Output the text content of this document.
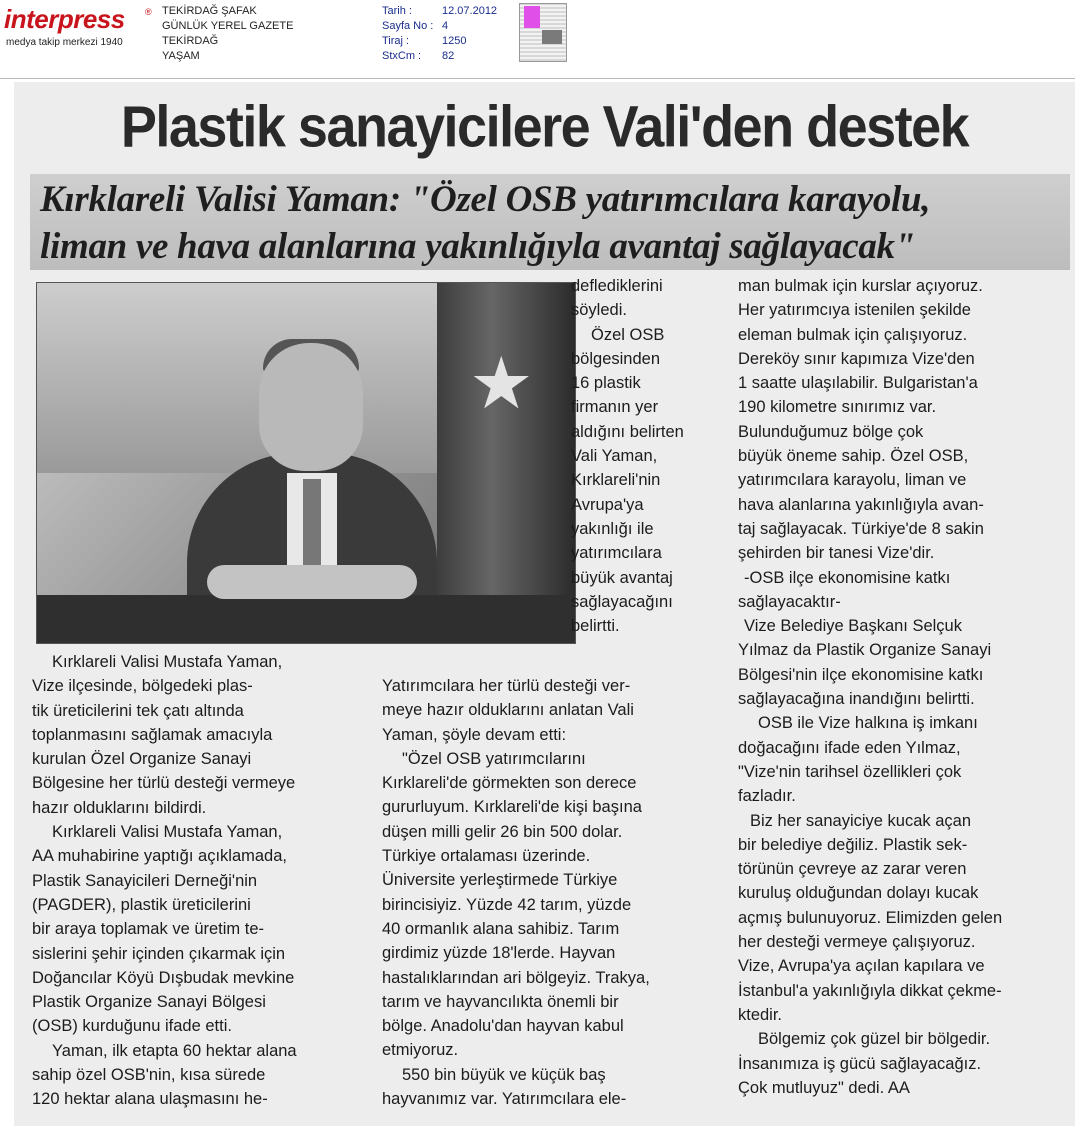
interpress ®
medya takip merkezi 1940
TEKİRDAĞ ŞAFAK
GÜNLÜK YEREL GAZETE
TEKİRDAĞ
YAŞAM
Tarih :
Sayfa No :
Tiraj :
StxCm :
12.07.2012
4
1250
82
Plastik sanayicilere Vali'den destek
Kırklareli Valisi Yaman: "Özel OSB yatırımcılara karayolu,
liman ve hava alanlarına yakınlığıyla avantaj sağlayacak"
★
defledikler​ini
söyledi.
Özel OSB
bölgesinden
16 plastik
firmanın yer
aldığını belirten
Vali Yaman,
Kırklareli'nin
Avrupa'ya
yakınlığı ile
yatırımcılara
büyük avantaj
sağlayacağını
belirtti.
Kırklareli Valisi Mustafa Yaman,
Vize ilçesinde, bölgedeki plas-
tik üreticilerini tek çatı altında
toplanmasını sağlamak amacıyla
kurulan Özel Organize Sanayi
Bölgesine her türlü desteği vermeye
hazır olduklarını bildirdi.
Kırklareli Valisi Mustafa Yaman,
AA muhabirine yaptığı açıklamada,
Plastik Sanayicileri Derneği'nin
(PAGDER), plastik üreticilerini
bir araya toplamak ve üretim te-
sislerini şehir içinden çıkarmak için
Doğancılar Köyü Dışbudak mevkine
Plastik Organize Sanayi Bölgesi
(OSB) kurduğunu ifade etti.
Yaman, ilk etapta 60 hektar alana
sahip özel OSB'nin, kısa sürede
120 hektar alana ulaşmasını he-
Yatırımcılara her türlü desteği ver-
meye hazır olduklarını anlatan Vali
Yaman, şöyle devam etti:
"Özel OSB yatırımcılarını
Kırklareli'de görmekten son derece
gururluyum. Kırklareli'de kişi başına
düşen milli gelir 26 bin 500 dolar.
Türkiye ortalaması üzerinde.
Üniversite yerleştirmede Türkiye
birincisiyiz. Yüzde 42 tarım, yüzde
40 ormanlık alana sahibiz. Tarım
girdimiz yüzde 18'lerde. Hayvan
hastalıklarından ari bölgeyiz. Trakya,
tarım ve hayvancılıkta önemli bir
bölge. Anadolu'dan hayvan kabul
etmiyoruz.
550 bin büyük ve küçük baş
hayvanımız var. Yatırımcılara ele-
man bulmak için kurslar açıyoruz.
Her yatırımcıya istenilen şekilde
eleman bulmak için çalışıyoruz.
Dereköy sınır kapımıza Vize'den
1 saatte ulaşılabilir. Bulgaristan'a
190 kilometre sınırımız var.
Bulunduğumuz bölge çok
büyük öneme sahip. Özel OSB,
yatırımcılara karayolu, liman ve
hava alanlarına yakınlığıyla avan-
taj sağlayacak. Türkiye'de 8 sakin
şehirden bir tanesi Vize'dir.
-OSB ilçe ekonomisine katkı
sağlayacaktır-
Vize Belediye Başkanı Selçuk
Yılmaz da Plastik Organize Sanayi
Bölgesi'nin ilçe ekonomisine katkı
sağlayacağına inandığını belirtti.
OSB ile Vize halkına iş imkanı
doğacağını ifade eden Yılmaz,
"Vize'nin tarihsel özellikleri çok
fazladır.
Biz her sanayiciye kucak açan
bir belediye değiliz. Plastik sek-
törünün çevreye az zarar veren
kuruluş olduğundan dolayı kucak
açmış bulunuyoruz. Elimizden gelen
her desteği vermeye çalışıyoruz.
Vize, Avrupa'ya açılan kapılara ve
İstanbul'a yakınlığıyla dikkat çekme-
ktedir.
Bölgemiz çok güzel bir bölgedir.
İnsanımıza iş gücü sağlayacağız.
Çok mutluyuz" dedi. AA
